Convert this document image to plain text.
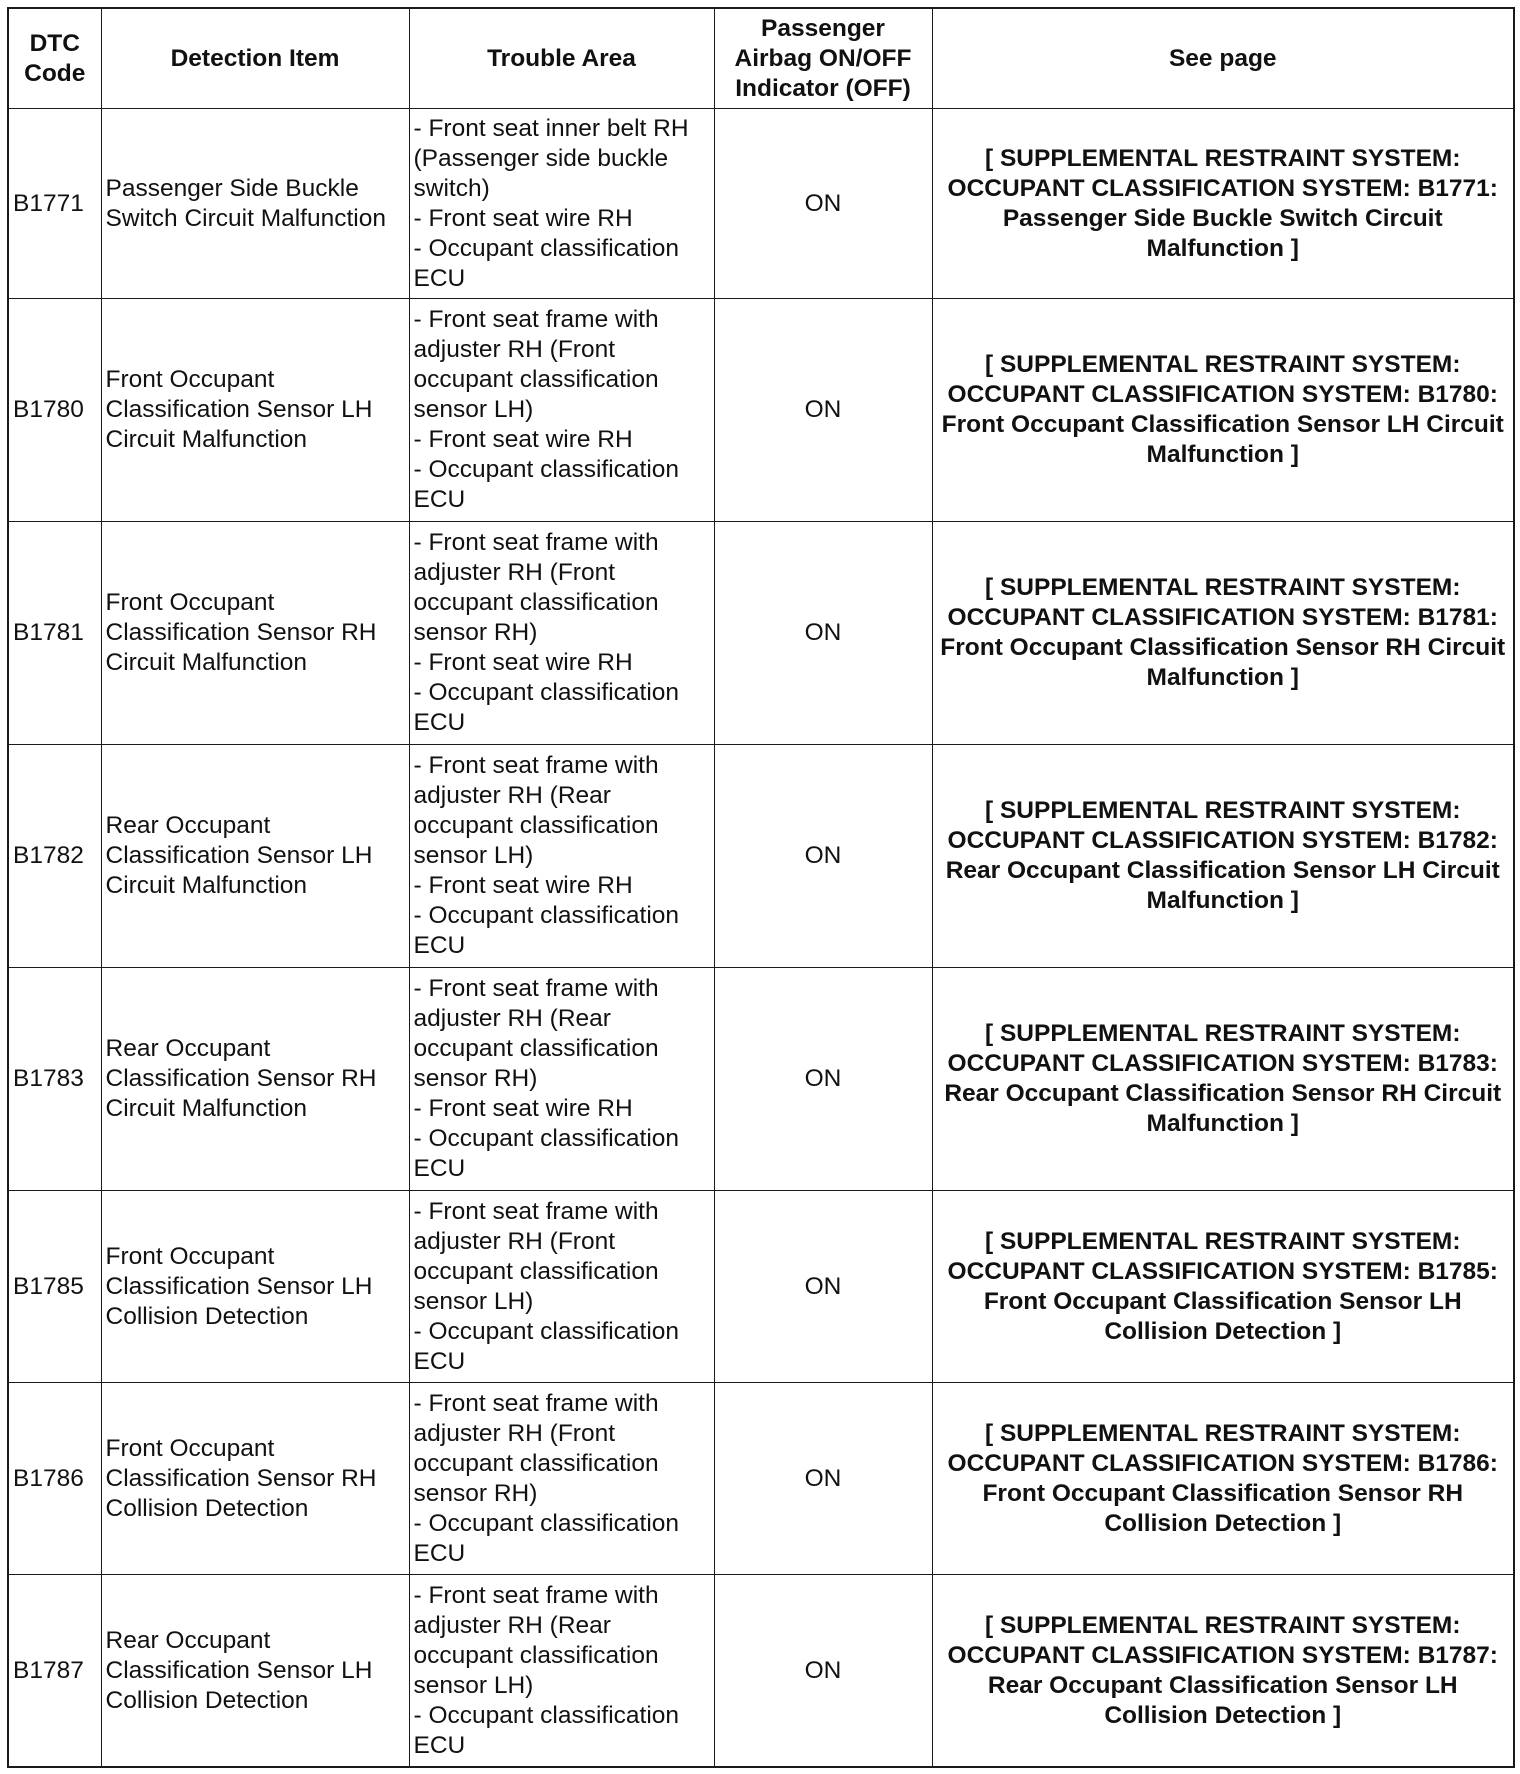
DTC Code	Detection Item	Trouble Area	Passenger Airbag ON/OFF Indicator (OFF)	See page
B1771	Passenger Side Buckle Switch Circuit Malfunction	- Front seat inner belt RH (Passenger side buckle switch)
- Front seat wire RH
- Occupant classification ECU	ON	[ SUPPLEMENTAL RESTRAINT SYSTEM: OCCUPANT CLASSIFICATION SYSTEM: B1771: Passenger Side Buckle Switch Circuit Malfunction ]
B1780	Front Occupant Classification Sensor LH Circuit Malfunction	- Front seat frame with adjuster RH (Front occupant classification sensor LH)
- Front seat wire RH
- Occupant classification ECU	ON	[ SUPPLEMENTAL RESTRAINT SYSTEM: OCCUPANT CLASSIFICATION SYSTEM: B1780: Front Occupant Classification Sensor LH Circuit Malfunction ]
B1781	Front Occupant Classification Sensor RH Circuit Malfunction	- Front seat frame with adjuster RH (Front occupant classification sensor RH)
- Front seat wire RH
- Occupant classification ECU	ON	[ SUPPLEMENTAL RESTRAINT SYSTEM: OCCUPANT CLASSIFICATION SYSTEM: B1781: Front Occupant Classification Sensor RH Circuit Malfunction ]
B1782	Rear Occupant Classification Sensor LH Circuit Malfunction	- Front seat frame with adjuster RH (Rear occupant classification sensor LH)
- Front seat wire RH
- Occupant classification ECU	ON	[ SUPPLEMENTAL RESTRAINT SYSTEM: OCCUPANT CLASSIFICATION SYSTEM: B1782: Rear Occupant Classification Sensor LH Circuit Malfunction ]
B1783	Rear Occupant Classification Sensor RH Circuit Malfunction	- Front seat frame with adjuster RH (Rear occupant classification sensor RH)
- Front seat wire RH
- Occupant classification ECU	ON	[ SUPPLEMENTAL RESTRAINT SYSTEM: OCCUPANT CLASSIFICATION SYSTEM: B1783: Rear Occupant Classification Sensor RH Circuit Malfunction ]
B1785	Front Occupant Classification Sensor LH Collision Detection	- Front seat frame with adjuster RH (Front occupant classification sensor LH)
- Occupant classification ECU	ON	[ SUPPLEMENTAL RESTRAINT SYSTEM: OCCUPANT CLASSIFICATION SYSTEM: B1785: Front Occupant Classification Sensor LH Collision Detection ]
B1786	Front Occupant Classification Sensor RH Collision Detection	- Front seat frame with adjuster RH (Front occupant classification sensor RH)
- Occupant classification ECU	ON	[ SUPPLEMENTAL RESTRAINT SYSTEM: OCCUPANT CLASSIFICATION SYSTEM: B1786: Front Occupant Classification Sensor RH Collision Detection ]
B1787	Rear Occupant Classification Sensor LH Collision Detection	- Front seat frame with adjuster RH (Rear occupant classification sensor LH)
- Occupant classification ECU	ON	[ SUPPLEMENTAL RESTRAINT SYSTEM: OCCUPANT CLASSIFICATION SYSTEM: B1787: Rear Occupant Classification Sensor LH Collision Detection ]
